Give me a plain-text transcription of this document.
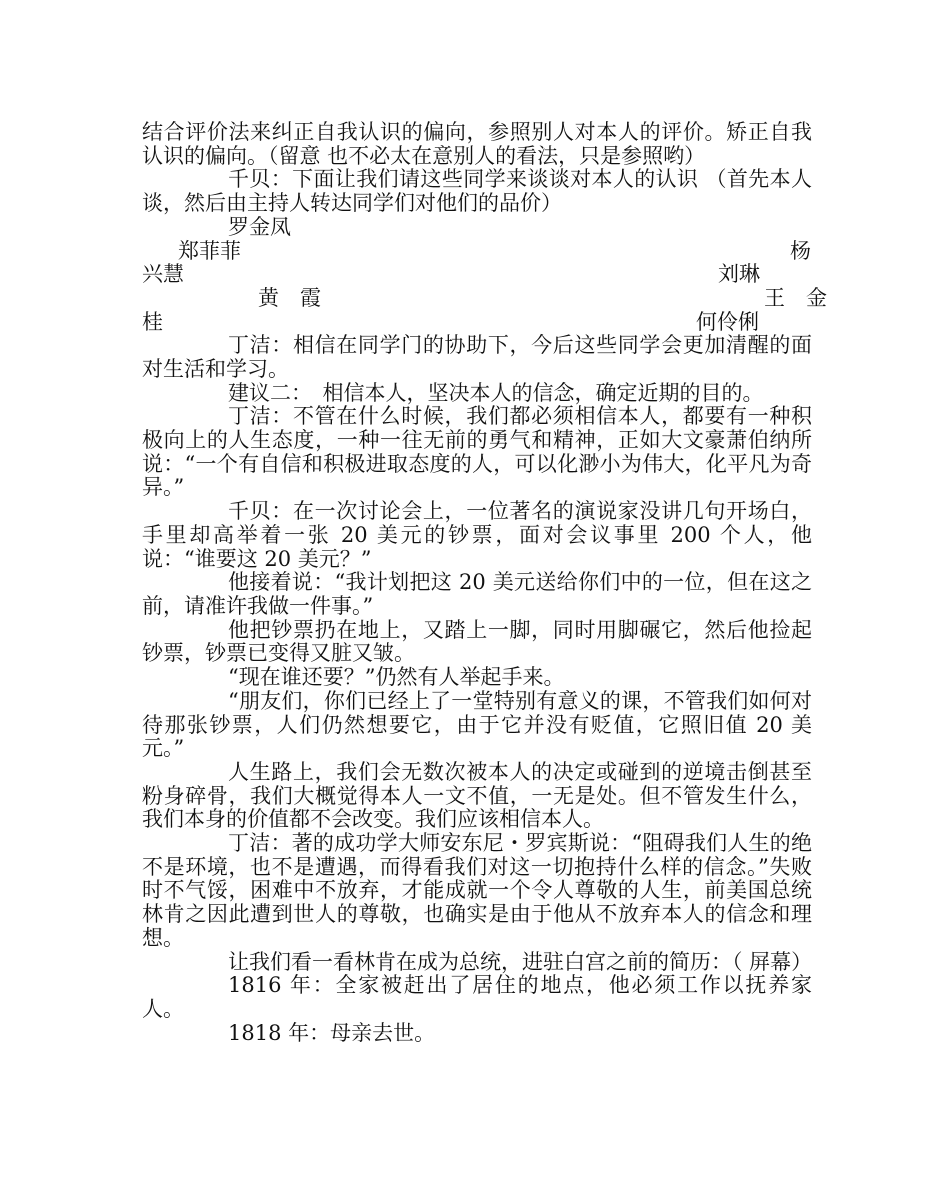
结合评价法来纠正自我认识的偏向，参照别人对本人的评价。矫正自我认识的偏向。（留意 也不必太在意别人的看法，只是参照哟）

千贝：下面让我们请这些同学来谈谈对本人的认识 （首先本人谈，然后由主持人转达同学们对他们的品价）

罗金凤

郑菲菲	杨
兴慧	刘琳
黄　霞	王　金
桂	何伶俐

丁洁：相信在同学门的协助下，今后这些同学会更加清醒的面对生活和学习。

建议二：　相信本人，坚决本人的信念，确定近期的目的。

丁洁：不管在什么时候，我们都必须相信本人，都要有一种积极向上的人生态度，一种一往无前的勇气和精神，正如大文豪萧伯纳所说：“一个有自信和积极进取态度的人，可以化渺小为伟大，化平凡为奇异。”

千贝：在一次讨论会上，一位著名的演说家没讲几句开场白，手里却高举着一张 20 美元的钞票，面对会议事里 200 个人，他说：“谁要这 20 美元？”

他接着说：“我计划把这 20 美元送给你们中的一位，但在这之前，请准许我做一件事。”

他把钞票扔在地上，又踏上一脚，同时用脚碾它，然后他捡起钞票，钞票已变得又脏又皱。

“现在谁还要？”仍然有人举起手来。

“朋友们，你们已经上了一堂特别有意义的课，不管我们如何对待那张钞票，人们仍然想要它，由于它并没有贬值，它照旧值 20 美元。”

人生路上，我们会无数次被本人的决定或碰到的逆境击倒甚至粉身碎骨，我们大概觉得本人一文不值，一无是处。但不管发生什么，我们本身的价值都不会改变。我们应该相信本人。

丁洁：著的成功学大师安东尼・罗宾斯说：“阻碍我们人生的绝不是环境，也不是遭遇，而得看我们对这一切抱持什么样的信念。”失败时不气馁，困难中不放弃，才能成就一个令人尊敬的人生，前美国总统林肯之因此遭到世人的尊敬，也确实是由于他从不放弃本人的信念和理想。

让我们看一看林肯在成为总统，进驻白宫之前的简历：（ 屏幕）

1816 年：全家被赶出了居住的地点，他必须工作以抚养家人。

1818 年：母亲去世。
